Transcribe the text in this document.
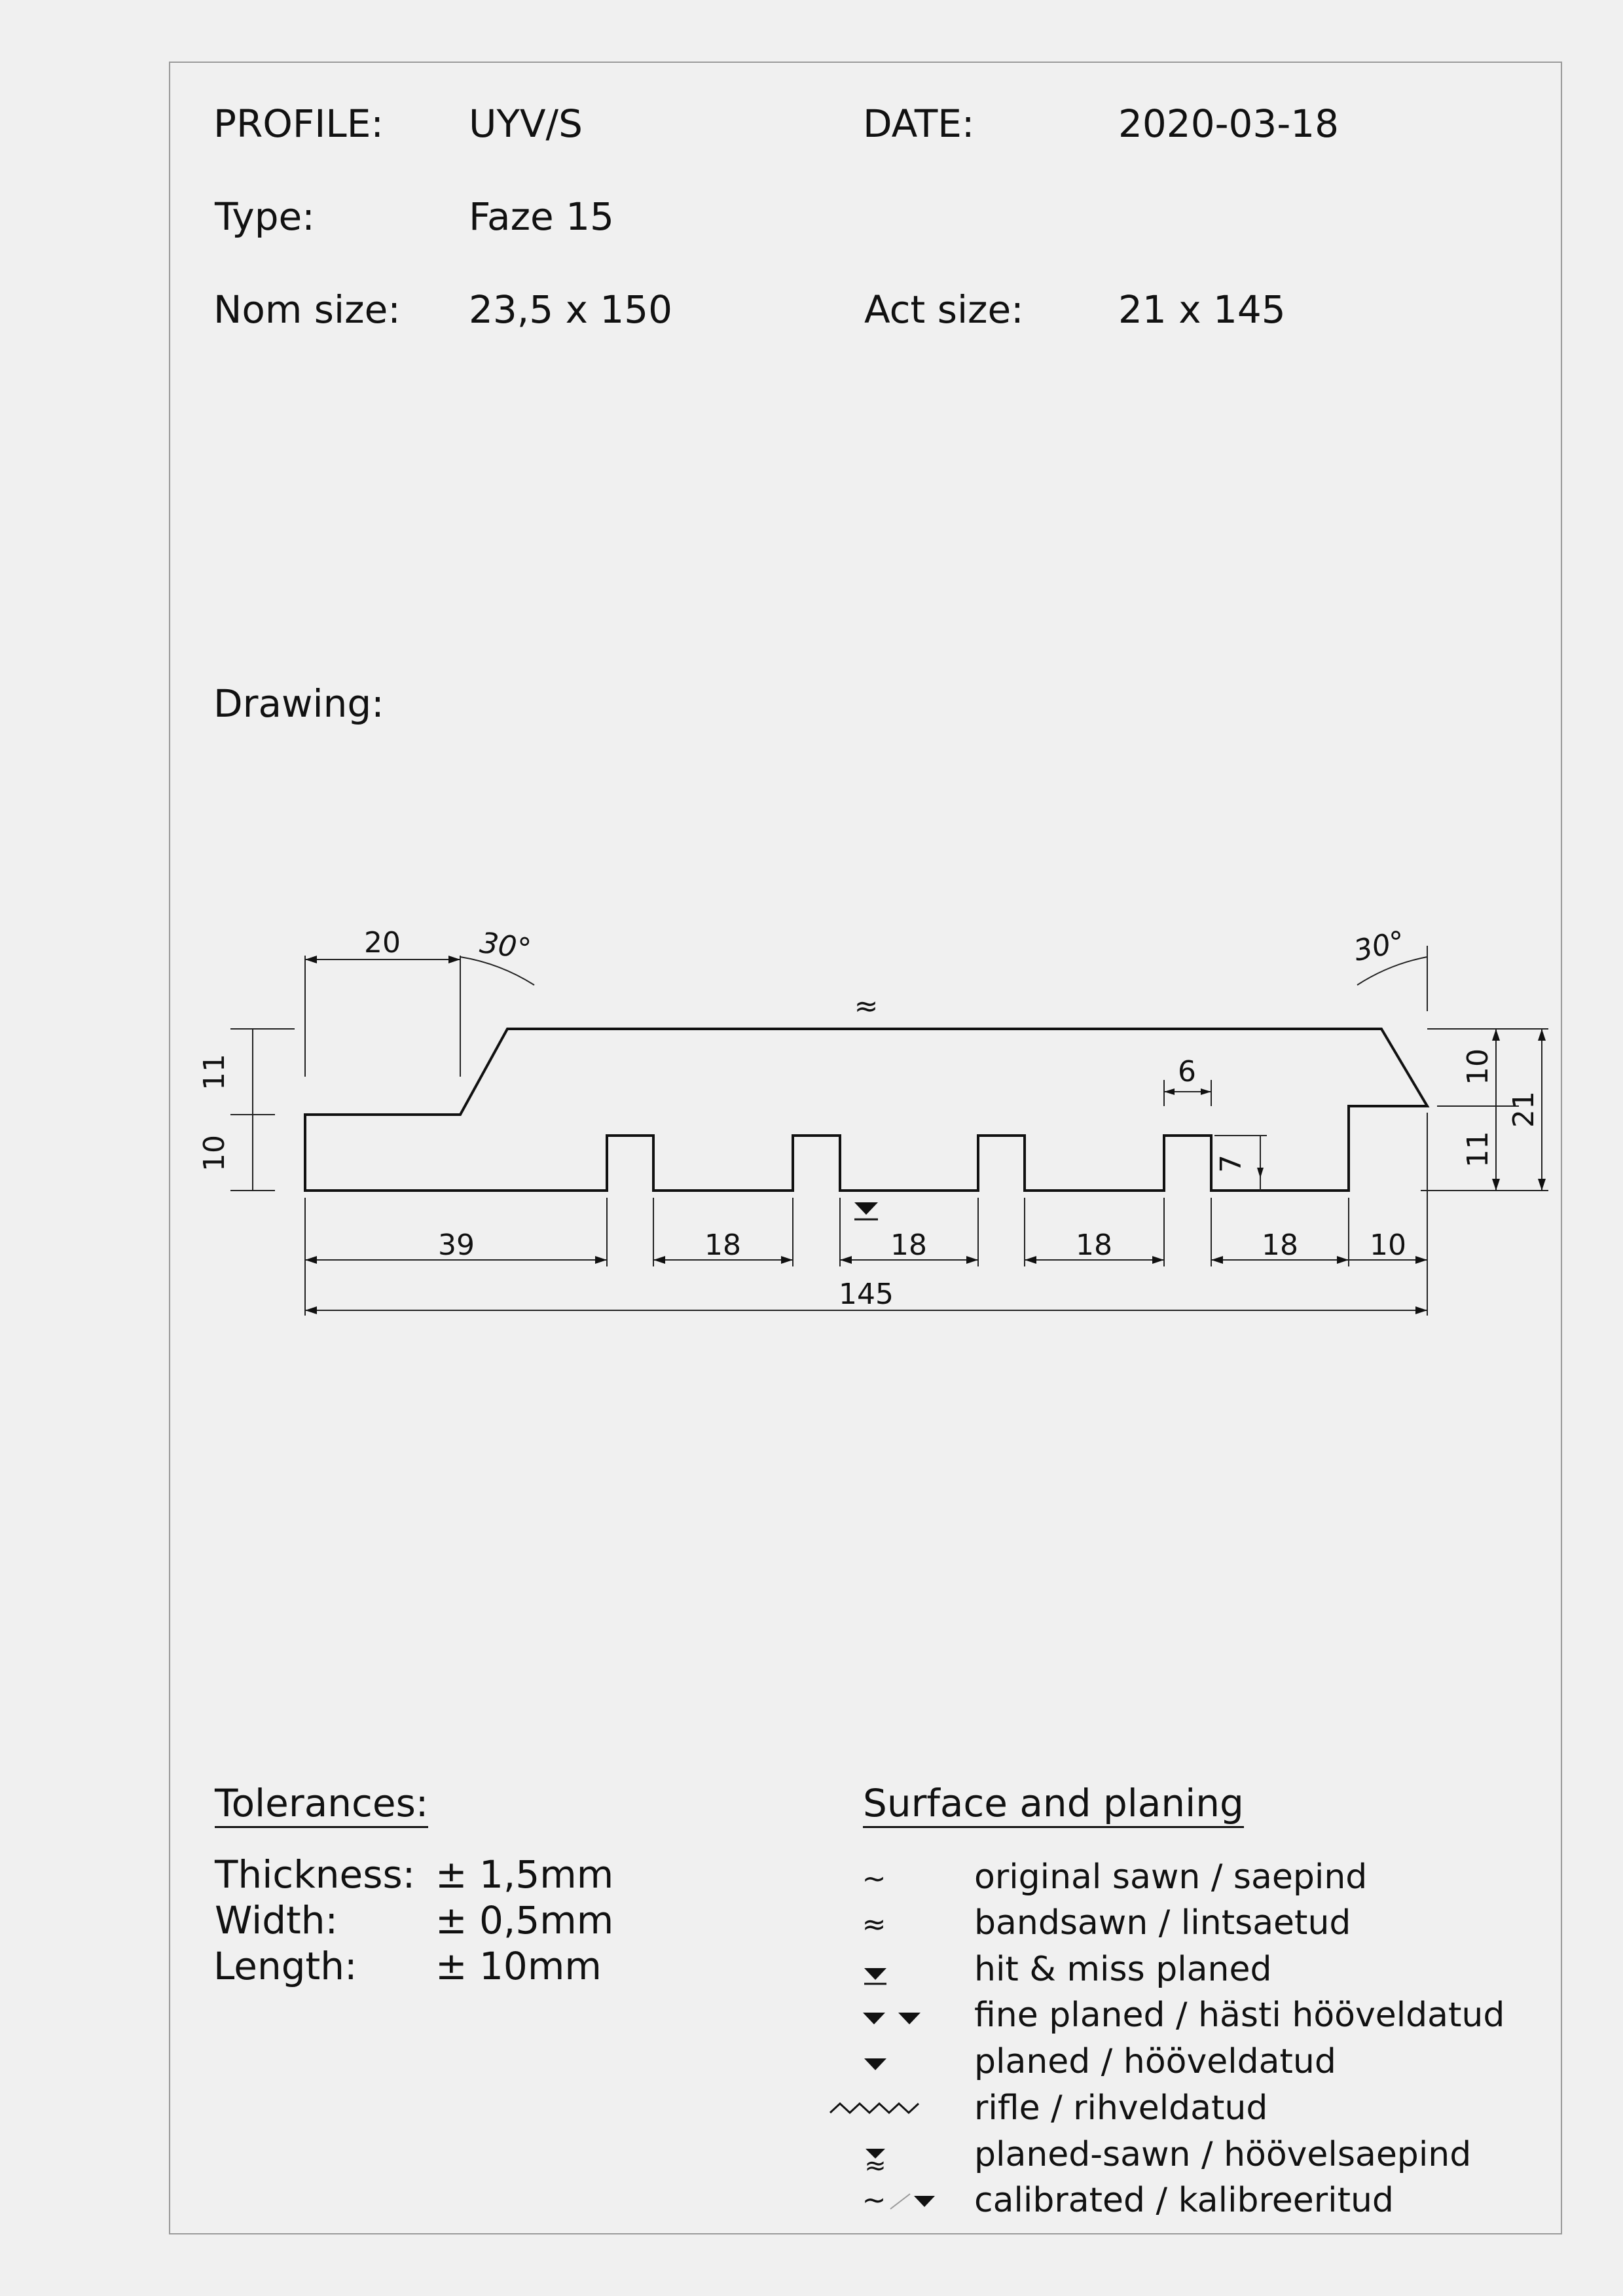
PROFILE: UYV/S	DATE:	2020-03-18
Type:	Faze 15
Nom size: 23,5 x 150	Act size: 21 x 145
Drawing:
20	30°	30°
≈
6
7
11
10
10
11
21
39	18	18	18	18 10
145
~
≈
≈
~
Tolerances:
Thickness: ± 1,5mm
Width:	± 0,5mm
Length: ± 10mm
Surface and planing
original sawn / saepind
bandsawn / lintsaetud
hit & miss planed
fine planed / hästi hööveldatud
planed / hööveldatud
rifle / rihveldatud
planed-sawn / höövelsaepind
calibrated / kalibreeritud
